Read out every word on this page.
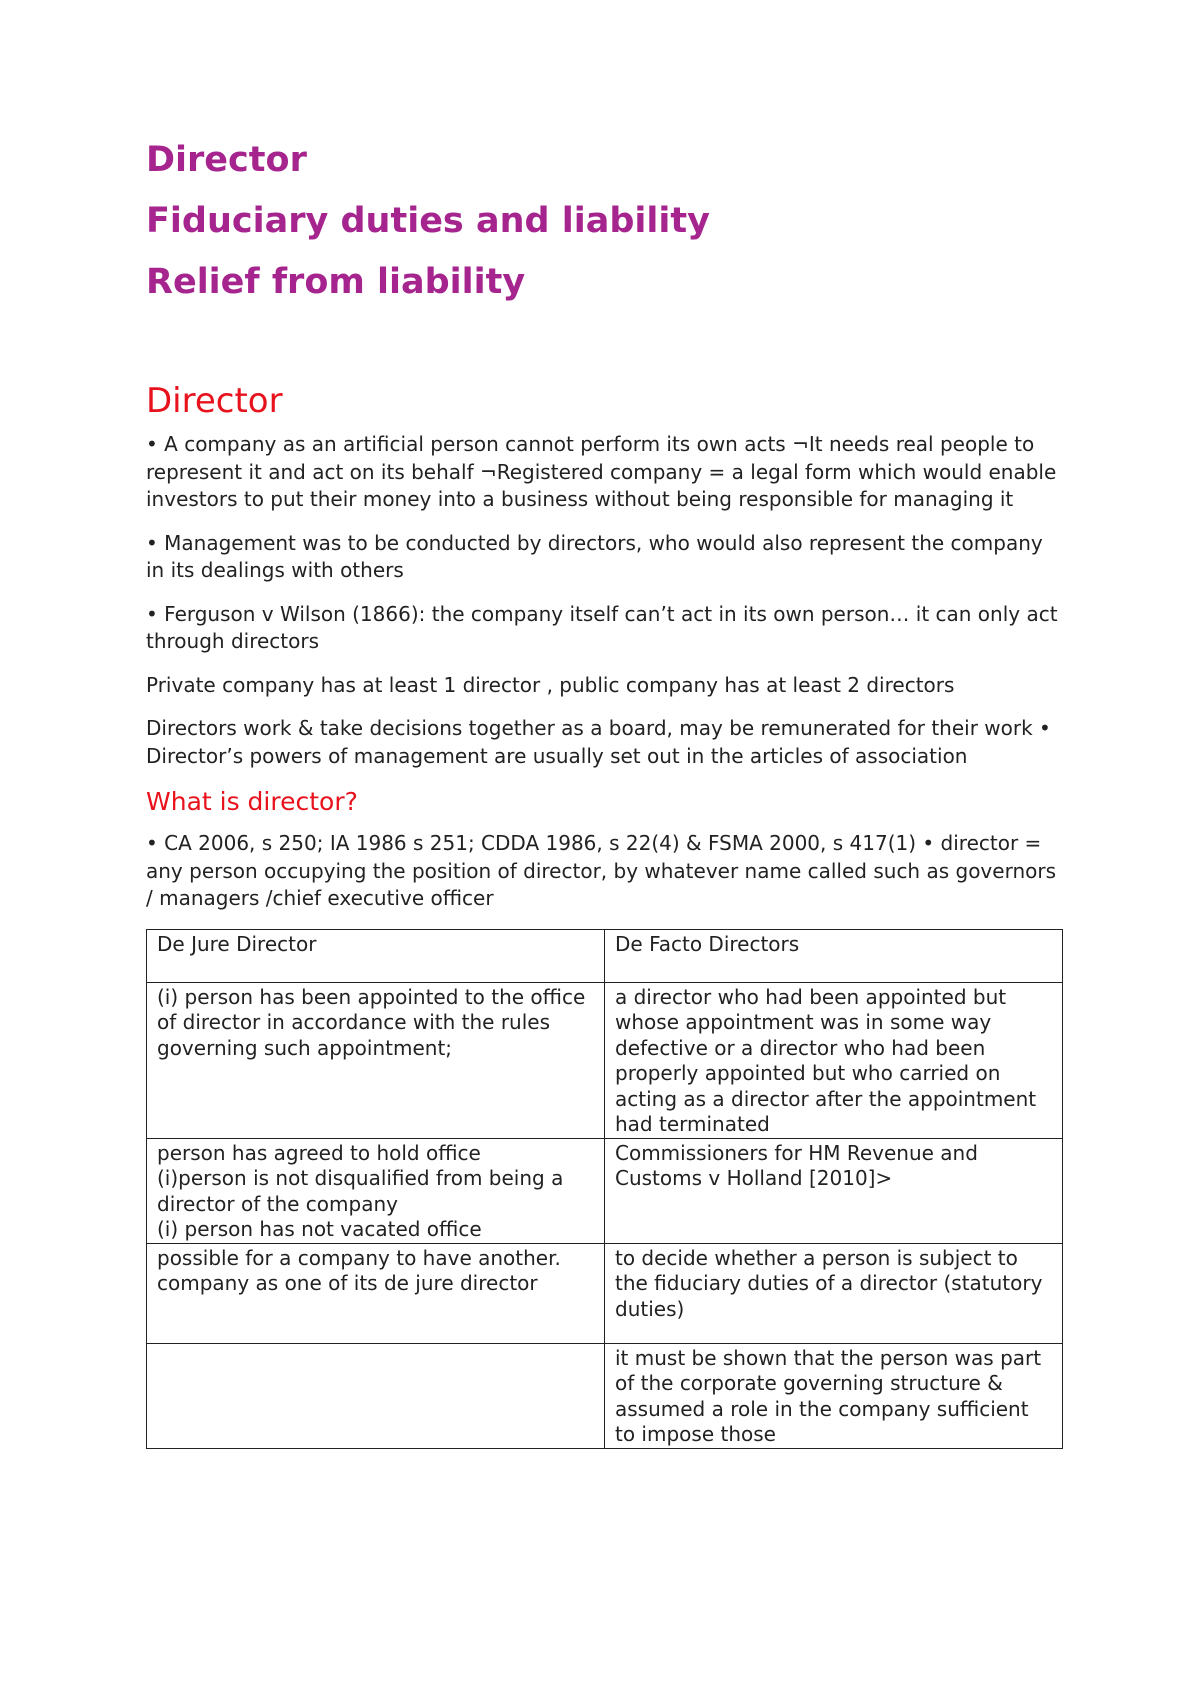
Director
Fiduciary duties and liability
Relief from liability
Director

• A company as an artificial person cannot perform its own acts ¬It needs real people to represent it and act on its behalf ¬Registered company = a legal form which would enable investors to put their money into a business without being responsible for managing it

• Management was to be conducted by directors, who would also represent the company in its dealings with others

• Ferguson v Wilson (1866): the company itself can’t act in its own person… it can only act through directors

Private company has at least 1 director , public company has at least 2 directors

Directors work & take decisions together as a board, may be remunerated for their work • Director’s powers of management are usually set out in the articles of association

What is director?

• CA 2006, s 250; IA 1986 s 251; CDDA 1986, s 22(4) & FSMA 2000, s 417(1) • director = any person occupying the position of director, by whatever name called such as governors / managers /chief executive officer

De Jure Director	De Facto Directors

(i) person has been appointed to the office of director in accordance with the rules governing such appointment;	a director who had been appointed but whose appointment was in some way defective or a director who had been properly appointed but who carried on acting as a director after the appointment had terminated

person has agreed to hold office
(i)person is not disqualified from being a director of the company
(i) person has not vacated office	Commissioners for HM Revenue and Customs v Holland [2010]>

possible for a company to have another.
company as one of its de jure director	to decide whether a person is subject to the fiduciary duties of a director (statutory duties)

	it must be shown that the person was part of the corporate governing structure & assumed a role in the company sufficient to impose those
